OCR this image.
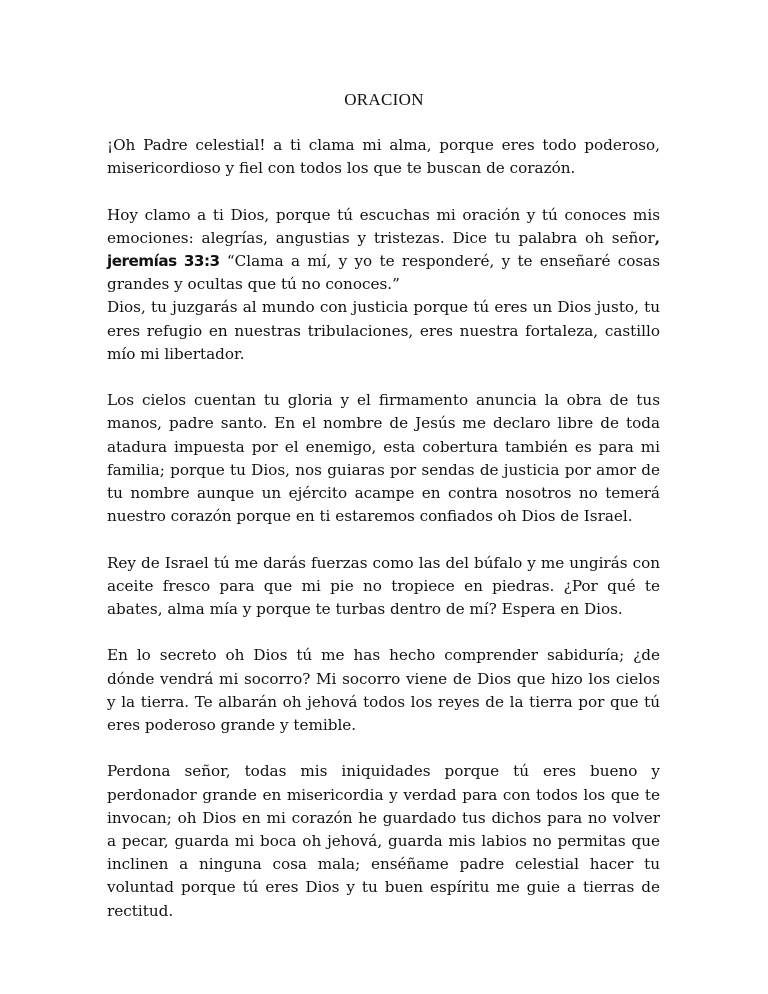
ORACION

¡Oh Padre celestial! a ti clama mi alma, porque eres todo poderoso, misericordioso y fiel con todos los que te buscan de corazón.

Hoy clamo a ti Dios, porque tú escuchas mi oración y tú conoces mis emociones: alegrías, angustias y tristezas. Dice tu palabra oh señor, jeremías 33:3 “Clama a mí, y yo te responderé, y te enseñaré cosas grandes y ocultas que tú no conoces.”

Dios, tu juzgarás al mundo con justicia porque tú eres un Dios justo, tu eres refugio en nuestras tribulaciones, eres nuestra fortaleza, castillo mío mi libertador.

Los cielos cuentan tu gloria y el firmamento anuncia la obra de tus manos, padre santo. En el nombre de Jesús me declaro libre de toda atadura impuesta por el enemigo, esta cobertura también es para mi familia; porque tu Dios, nos guiaras por sendas de justicia por amor de tu nombre aunque un ejército acampe en contra nosotros no temerá nuestro corazón porque en ti estaremos confiados oh Dios de Israel.

Rey de Israel tú me darás fuerzas como las del búfalo y me ungirás con aceite fresco para que mi pie no tropiece en piedras. ¿Por qué te abates, alma mía y porque te turbas dentro de mí? Espera en Dios.

En lo secreto oh Dios tú me has hecho comprender sabiduría; ¿de dónde vendrá mi socorro? Mi socorro viene de Dios que hizo los cielos y la tierra. Te albarán oh jehová todos los reyes de la tierra por que tú eres poderoso grande y temible.

Perdona señor, todas mis iniquidades porque tú eres bueno y perdonador grande en misericordia y verdad para con todos los que te invocan; oh Dios en mi corazón he guardado tus dichos para no volver a pecar, guarda mi boca oh jehová, guarda mis labios no permitas que inclinen a ninguna cosa mala; enséñame padre celestial hacer tu voluntad porque tú eres Dios y tu buen espíritu me guie a tierras de rectitud.
